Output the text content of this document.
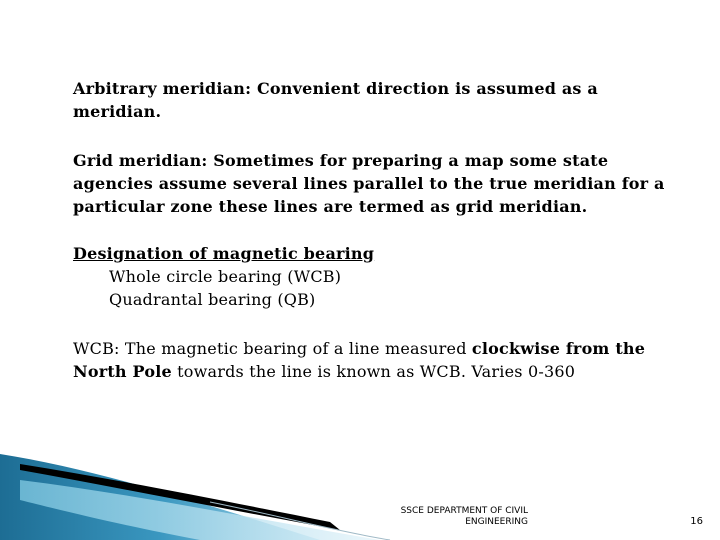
Arbitrary meridian: Convenient direction is assumed as a meridian.

Grid meridian: Sometimes for preparing a map some state agencies assume several lines parallel to the true meridian for a particular zone these lines are termed as grid meridian.

Designation of magnetic bearing
Whole circle bearing (WCB)
Quadrantal bearing (QB)

WCB: The magnetic bearing of a line measured clockwise from the North Pole towards the line is known as WCB. Varies 0-360

SSCE DEPARTMENT OF CIVIL
ENGINEERING	16
